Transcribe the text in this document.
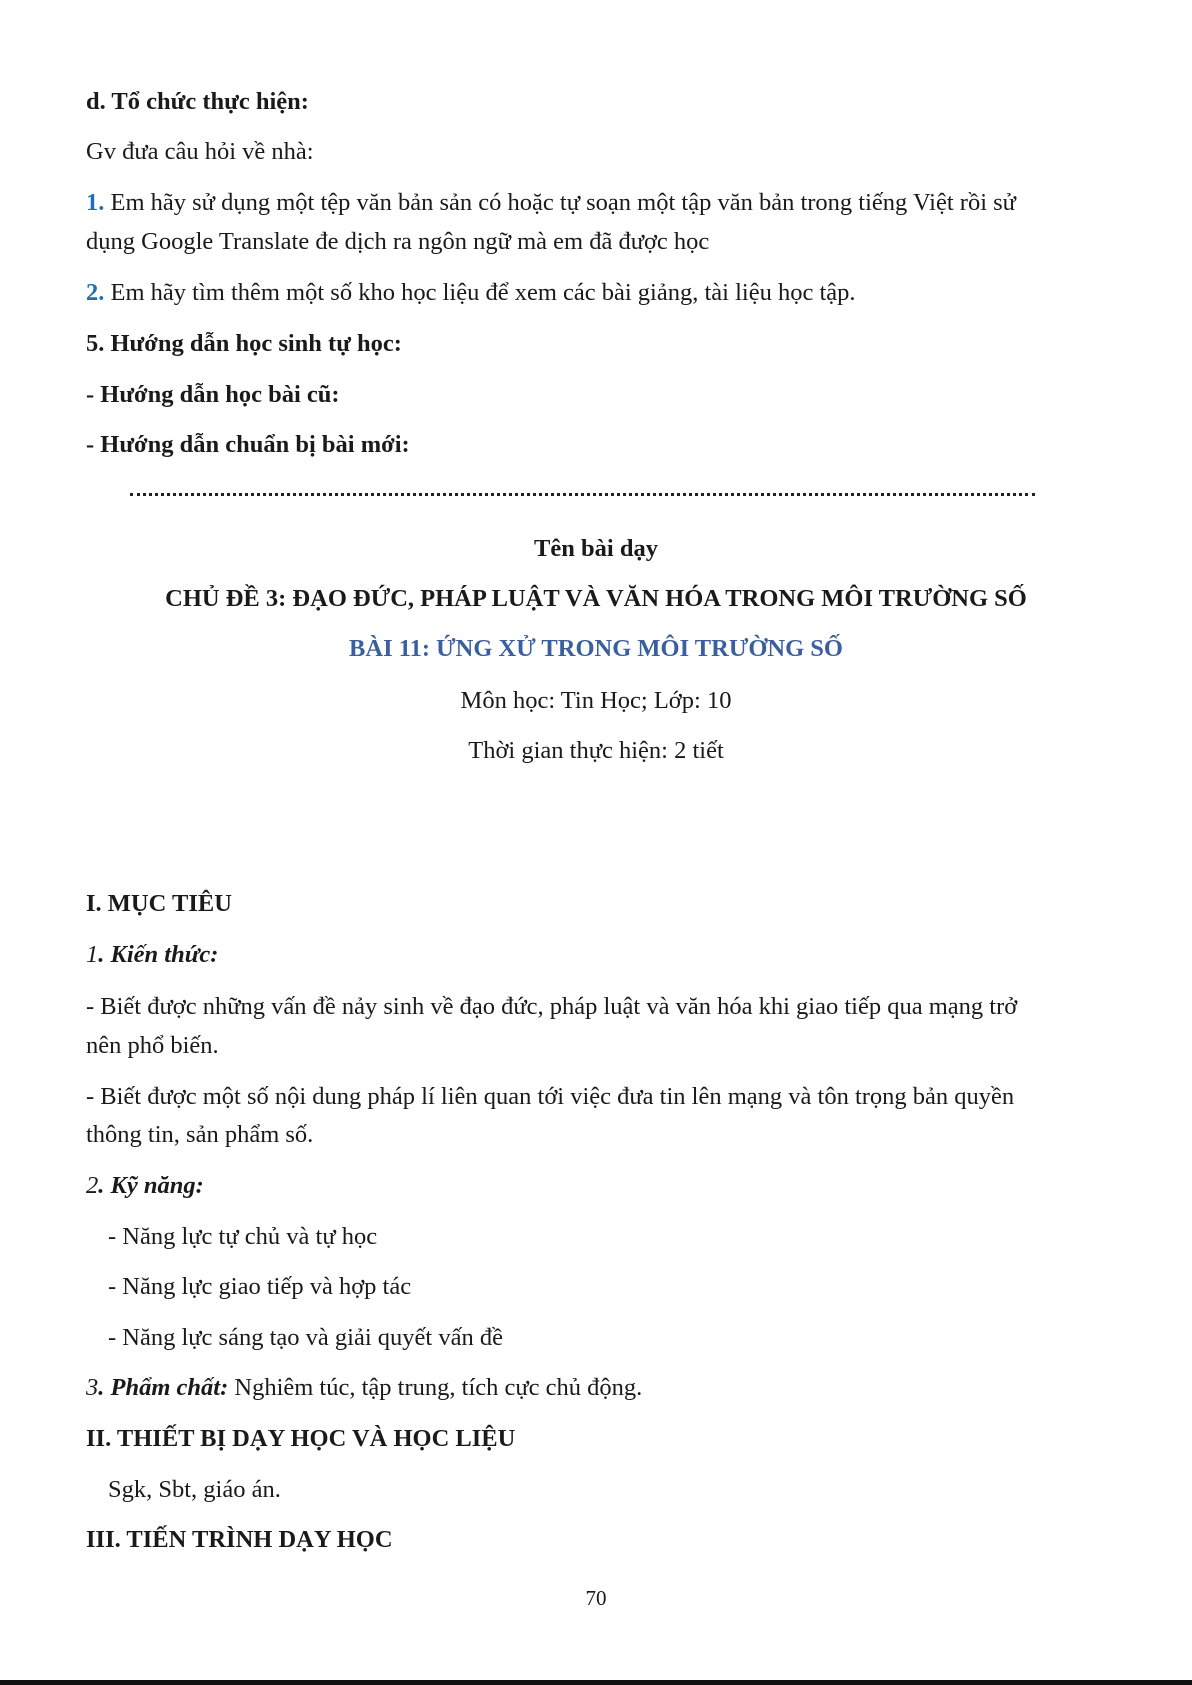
d. Tổ chức thực hiện:
Gv đưa câu hỏi về nhà:
1. Em hãy sử dụng một tệp văn bản sản có hoặc tự soạn một tập văn bản trong tiếng Việt rồi sử
dụng Google Translate đe dịch ra ngôn ngữ mà em đã được học
2. Em hãy tìm thêm một số kho học liệu để xem các bài giảng, tài liệu học tập.
5. Hướng dẫn học sinh tự học:
- Hướng dẫn học bài cũ:
- Hướng dẫn chuẩn bị bài mới:
Tên bài dạy
CHỦ ĐỀ 3: ĐẠO ĐỨC, PHÁP LUẬT VÀ VĂN HÓA TRONG MÔI TRƯỜNG SỐ
BÀI 11: ỨNG XỬ TRONG MÔI TRƯỜNG SỐ
Môn học: Tin Học; Lớp: 10
Thời gian thực hiện: 2 tiết
I. MỤC TIÊU
1. Kiến thức:
- Biết được những vấn đề nảy sinh về đạo đức, pháp luật và văn hóa khi giao tiếp qua mạng trở
nên phổ biến.
- Biết được một số nội dung pháp lí liên quan tới việc đưa tin lên mạng và tôn trọng bản quyền
thông tin, sản phẩm số.
2. Kỹ năng:
- Năng lực tự chủ và tự học
- Năng lực giao tiếp và hợp tác
- Năng lực sáng tạo và giải quyết vấn đề
3. Phẩm chất: Nghiêm túc, tập trung, tích cực chủ động.
II. THIẾT BỊ DẠY HỌC VÀ HỌC LIỆU
Sgk, Sbt, giáo án.
III. TIẾN TRÌNH DẠY HỌC
70
